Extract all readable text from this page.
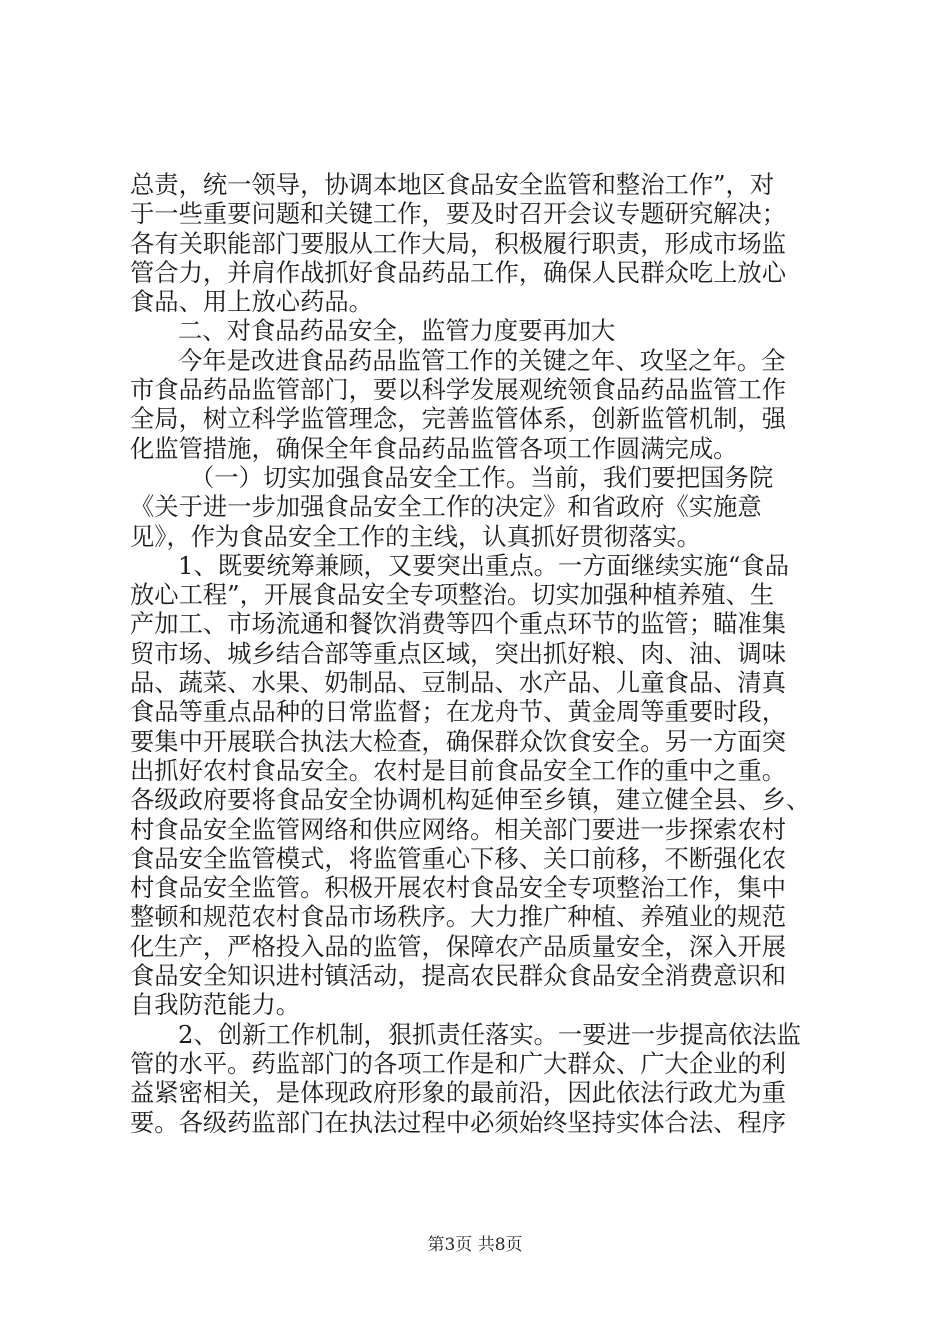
总责，统一领导，协调本地区食品安全监管和整治工作”，对
于一些重要问题和关键工作，要及时召开会议专题研究解决；
各有关职能部门要服从工作大局，积极履行职责，形成市场监
管合力，并肩作战抓好食品药品工作，确保人民群众吃上放心
食品、用上放心药品。
二、对食品药品安全，监管力度要再加大
今年是改进食品药品监管工作的关键之年、攻坚之年。全
市食品药品监管部门，要以科学发展观统领食品药品监管工作
全局，树立科学监管理念，完善监管体系，创新监管机制，强
化监管措施，确保全年食品药品监管各项工作圆满完成。
（一）切实加强食品安全工作。当前，我们要把国务院
《关于进一步加强食品安全工作的决定》和省政府《实施意
见》，作为食品安全工作的主线，认真抓好贯彻落实。
1、既要统筹兼顾，又要突出重点。一方面继续实施“食品
放心工程”，开展食品安全专项整治。切实加强种植养殖、生
产加工、市场流通和餐饮消费等四个重点环节的监管；瞄准集
贸市场、城乡结合部等重点区域，突出抓好粮、肉、油、调味
品、蔬菜、水果、奶制品、豆制品、水产品、儿童食品、清真
食品等重点品种的日常监督；在龙舟节、黄金周等重要时段，
要集中开展联合执法大检查，确保群众饮食安全。另一方面突
出抓好农村食品安全。农村是目前食品安全工作的重中之重。
各级政府要将食品安全协调机构延伸至乡镇，建立健全县、乡、
村食品安全监管网络和供应网络。相关部门要进一步探索农村
食品安全监管模式，将监管重心下移、关口前移，不断强化农
村食品安全监管。积极开展农村食品安全专项整治工作，集中
整顿和规范农村食品市场秩序。大力推广种植、养殖业的规范
化生产，严格投入品的监管，保障农产品质量安全，深入开展
食品安全知识进村镇活动，提高农民群众食品安全消费意识和
自我防范能力。
2、创新工作机制，狠抓责任落实。一要进一步提高依法监
管的水平。药监部门的各项工作是和广大群众、广大企业的利
益紧密相关，是体现政府形象的最前沿，因此依法行政尤为重
要。各级药监部门在执法过程中必须始终坚持实体合法、程序
第3页 共8页
